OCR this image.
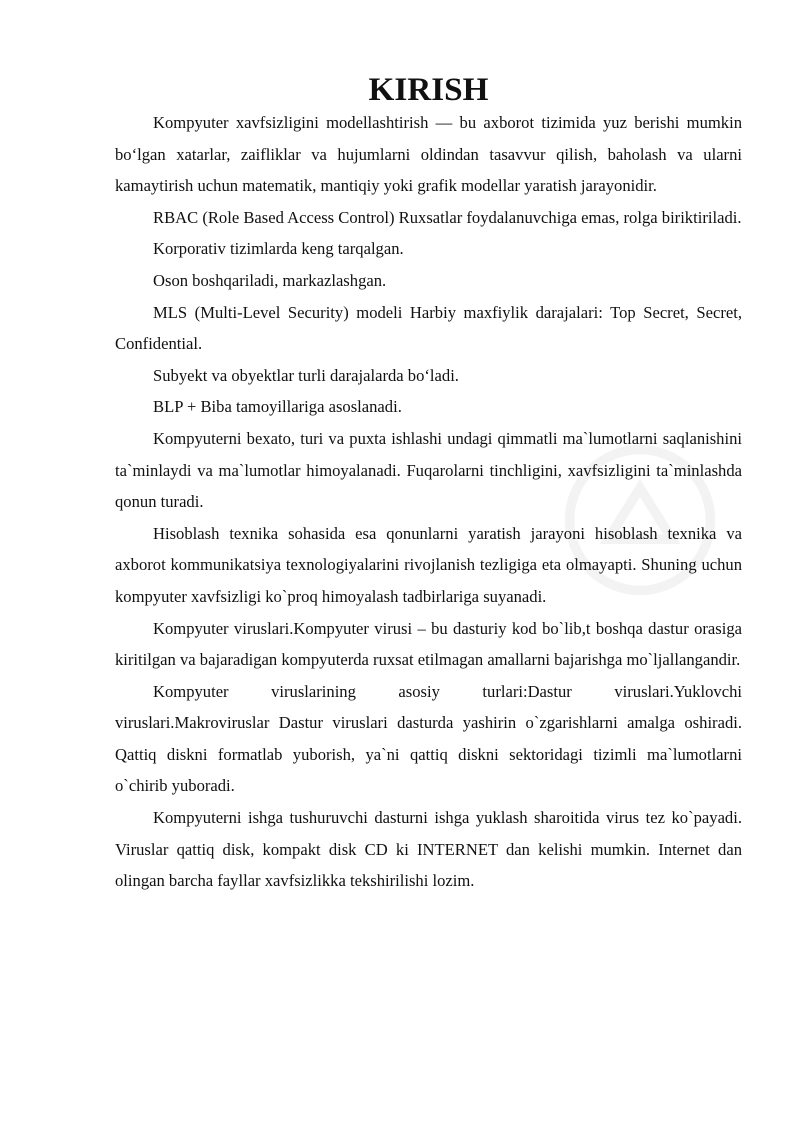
KIRISH

Kompyuter xavfsizligini modellashtirish — bu axborot tizimida yuz berishi mumkin bo‘lgan xatarlar, zaifliklar va hujumlarni oldindan tasavvur qilish, baholash va ularni kamaytirish uchun matematik, mantiqiy yoki grafik modellar yaratish jarayonidir.

RBAC (Role Based Access Control) Ruxsatlar foydalanuvchiga emas, rolga biriktiriladi.

Korporativ tizimlarda keng tarqalgan.

Oson boshqariladi, markazlashgan.

MLS (Multi-Level Security) modeli Harbiy maxfiylik darajalari: Top Secret, Secret, Confidential.

Subyekt va obyektlar turli darajalarda bo‘ladi.

BLP + Biba tamoyillariga asoslanadi.

Kompyuterni bexato, turi va puxta ishlashi undagi qimmatli ma`lumotlarni saqlanishini ta`minlaydi va ma`lumotlar himoyalanadi. Fuqarolarni tinchligini, xavfsizligini ta`minlashda qonun turadi.

Hisoblash texnika sohasida esa qonunlarni yaratish jarayoni hisoblash texnika va axborot kommunikatsiya texnologiyalarini rivojlanish tezligiga eta olmayapti. Shuning uchun kompyuter xavfsizligi ko`proq himoyalash tadbirlariga suyanadi.

Kompyuter viruslari.Kompyuter virusi – bu dasturiy kod bo`lib,t boshqa dastur orasiga kiritilgan va bajaradigan kompyuterda ruxsat etilmagan amallarni bajarishga mo`ljallangandir.

Kompyuter viruslarining asosiy turlari:Dastur viruslari.Yuklovchi viruslari.Makroviruslar Dastur viruslari dasturda yashirin o`zgarishlarni amalga oshiradi. Qattiq diskni formatlab yuborish, ya`ni qattiq diskni sektoridagi tizimli ma`lumotlarni o`chirib yuboradi.

Kompyuterni ishga tushuruvchi dasturni ishga yuklash sharoitida virus tez ko`payadi. Viruslar qattiq disk, kompakt disk CD ki INTERNET dan kelishi mumkin. Internet dan olingan barcha fayllar xavfsizlikka tekshirilishi lozim.
